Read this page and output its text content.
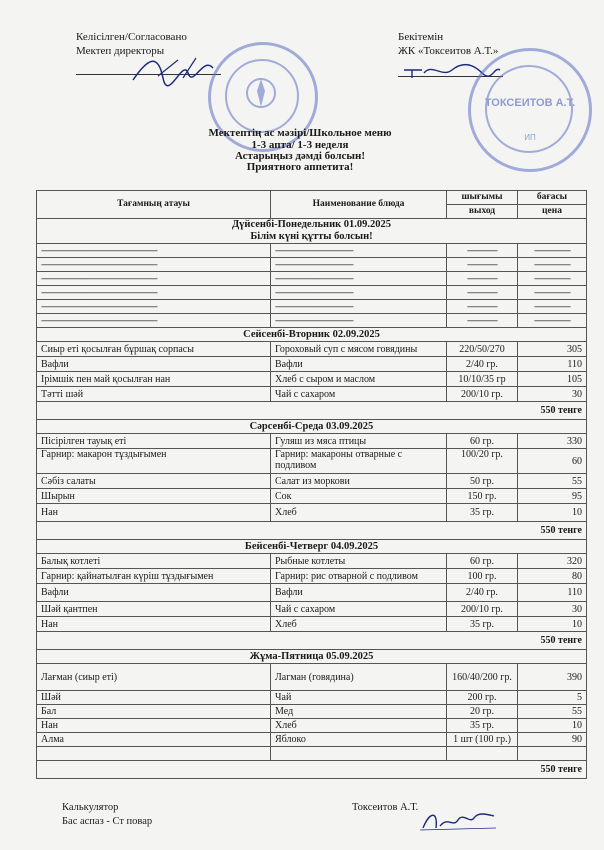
Келісілген/Согласовано
Мектеп директоры
Бекітемін
ЖК «Токсеитов А.Т.»
ТОКСЕИТОВ А.Т.
ИП
Мектептің ас мәзірі/Школьное меню
1-3 апта/ 1-3 неделя
Астарыңыз дәмді болсын!
Приятного аппетита!
Тағамның атауы	Наименование блюда	шығымы	бағасы
		выход	цена

Дүйсенбі-Понедельник 01.09.2025
Білім күні құтты болсын!			

----------------------------------------------------------	---------------------------------------	---------------	------------------
----------------------------------------------------------	---------------------------------------	---------------	------------------
----------------------------------------------------------	---------------------------------------	---------------	------------------
----------------------------------------------------------	---------------------------------------	---------------	------------------
----------------------------------------------------------	---------------------------------------	---------------	------------------
----------------------------------------------------------	---------------------------------------	---------------	------------------
Сейсенбі-Вторник 02.09.2025			
Сиыр еті қосылған бұршақ сорпасы	Гороховый суп с мясом говядины	220/50/270	305
Вафли	Вафли	2/40 гр.	110
Ірімшік пен май қосылған нан	Хлеб с сыром и маслом	10/10/35 гр	105
Тәтті шәй	Чай с сахаром	200/10 гр.	30
550 тенге			
Сәрсенбі-Среда 03.09.2025			
Пісірілген тауық еті	Гуляш из мяса птицы	60 гр.	330
Гарнир: макарон тұздығымен	Гарнир: макароны отварные с подливом	100/20 гр.	60
Сәбіз салаты	Салат из моркови	50 гр.	55
Шырын	Сок	150 гр.	95
Нан	Хлеб	35 гр.	10
550 тенге			
Бейсенбі-Четверг 04.09.2025			
Балық котлеті	Рыбные котлеты	60 гр.	320
Гарнир: қайнатылған күріш тұздығымен	Гарнир: рис отварной с подливом	100 гр.	80
Вафли	Вафли	2/40 гр.	110
Шәй қантпен	Чай с сахаром	200/10 гр.	30
Нан	Хлеб	35 гр.	10
550 тенге			
Жұма-Пятница 05.09.2025			
Лағман (сиыр еті)	Лагман (говядина)	160/40/200 гр.	390
Шәй	Чай	200 гр.	5
Бал	Мед	20 гр.	55
Нан	Хлеб	35 гр.	10
Алма	Яблоко	1 шт (100 гр.)	90

550 тенге			
Калькулятор
Бас аспаз - Ст повар
Токсеитов А.Т.
